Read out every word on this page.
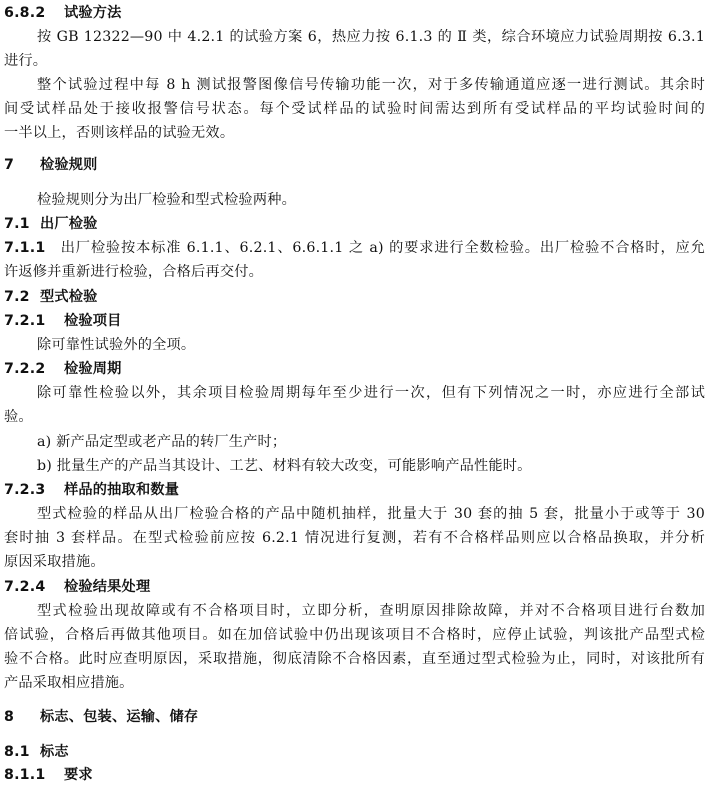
6.8.2 试验方法
按 GB 12322—90 中 4.2.1 的试验方案 6，热应力按 6.1.3 的 Ⅱ 类，综合环境应力试验周期按 6.3.1
进行。
整个试验过程中每 8 h 测试报警图像信号传输功能一次，对于多传输通道应逐一进行测试。其余时
间受试样品处于接收报警信号状态。每个受试样品的试验时间需达到所有受试样品的平均试验时间的
一半以上，否则该样品的试验无效。
7 检验规则
检验规则分为出厂检验和型式检验两种。
7.1 出厂检验
7.1.1 出厂检验按本标准 6.1.1、6.2.1、6.6.1.1 之 a) 的要求进行全数检验。出厂检验不合格时，应允
许返修并重新进行检验，合格后再交付。
7.2 型式检验
7.2.1 检验项目
除可靠性试验外的全项。
7.2.2 检验周期
除可靠性检验以外，其余项目检验周期每年至少进行一次，但有下列情况之一时，亦应进行全部试
验。
a) 新产品定型或老产品的转厂生产时；
b) 批量生产的产品当其设计、工艺、材料有较大改变，可能影响产品性能时。
7.2.3 样品的抽取和数量
型式检验的样品从出厂检验合格的产品中随机抽样，批量大于 30 套的抽 5 套，批量小于或等于 30
套时抽 3 套样品。在型式检验前应按 6.2.1 情况进行复测，若有不合格样品则应以合格品换取，并分析
原因采取措施。
7.2.4 检验结果处理
型式检验出现故障或有不合格项目时，立即分析，查明原因排除故障，并对不合格项目进行台数加
倍试验，合格后再做其他项目。如在加倍试验中仍出现该项目不合格时，应停止试验，判该批产品型式检
验不合格。此时应查明原因，采取措施，彻底清除不合格因素，直至通过型式检验为止，同时，对该批所有
产品采取相应措施。
8 标志、包装、运输、储存
8.1 标志
8.1.1 要求
